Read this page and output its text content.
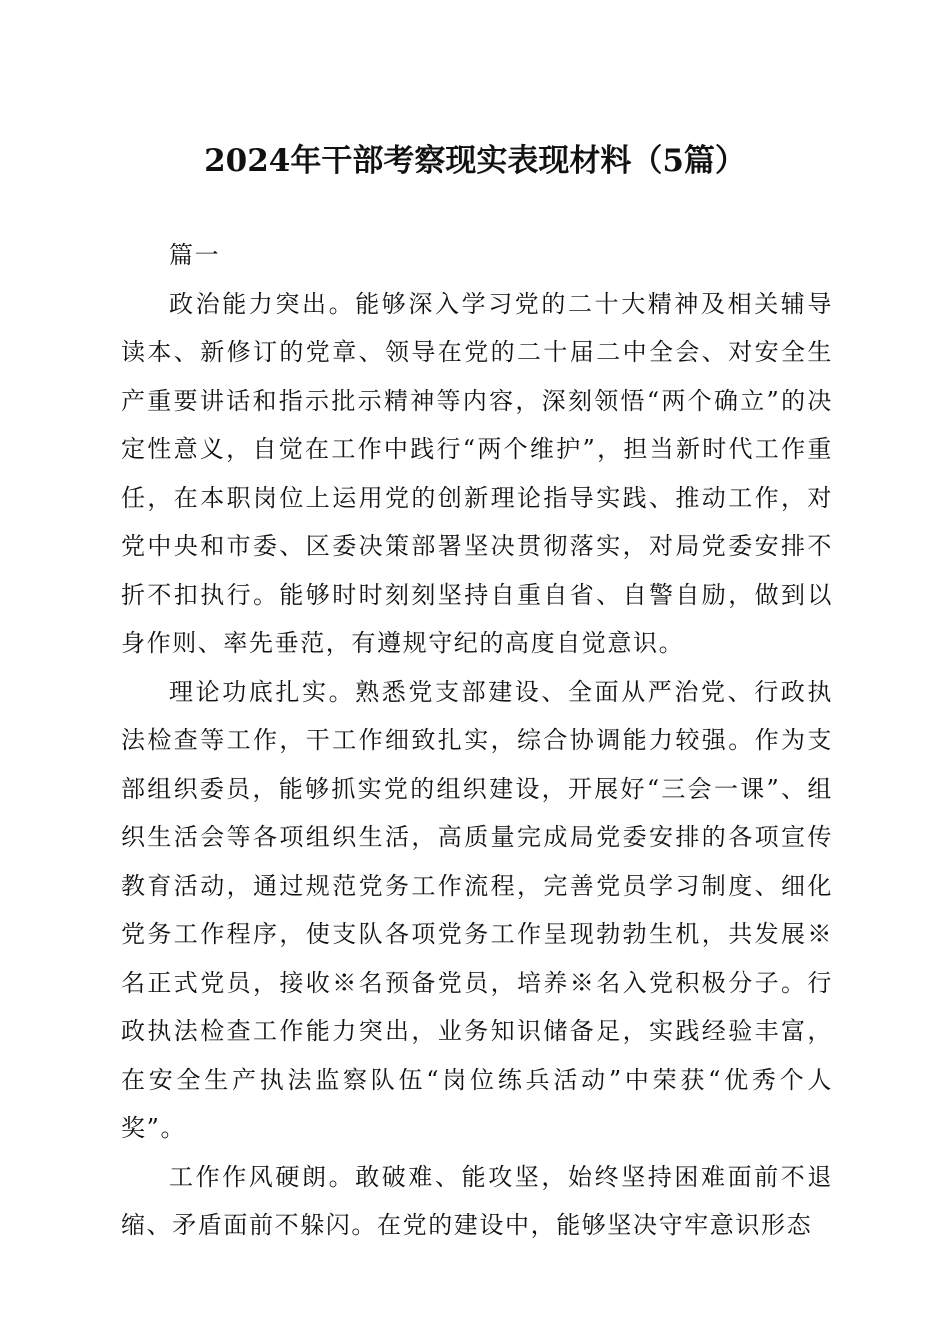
2024年干部考察现实表现材料（5篇）

篇一

政治能力突出。能够深入学习党的二十大精神及相关辅导读本、新修订的党章、领导在党的二十届二中全会、对安全生产重要讲话和指示批示精神等内容，深刻领悟“两个确立”的决定性意义，自觉在工作中践行“两个维护”，担当新时代工作重任，在本职岗位上运用党的创新理论指导实践、推动工作，对党中央和市委、区委决策部署坚决贯彻落实，对局党委安排不折不扣执行。能够时时刻刻坚持自重自省、自警自励，做到以身作则、率先垂范，有遵规守纪的高度自觉意识。

理论功底扎实。熟悉党支部建设、全面从严治党、行政执法检查等工作，干工作细致扎实，综合协调能力较强。作为支部组织委员，能够抓实党的组织建设，开展好“三会一课”、组织生活会等各项组织生活，高质量完成局党委安排的各项宣传教育活动，通过规范党务工作流程，完善党员学习制度、细化党务工作程序，使支队各项党务工作呈现勃勃生机，共发展※名正式党员，接收※名预备党员，培养※名入党积极分子。行政执法检查工作能力突出，业务知识储备足，实践经验丰富，在安全生产执法监察队伍“岗位练兵活动”中荣获“优秀个人奖”。

工作作风硬朗。敢破难、能攻坚，始终坚持困难面前不退缩、矛盾面前不躲闪。在党的建设中，能够坚决守牢意识形态
